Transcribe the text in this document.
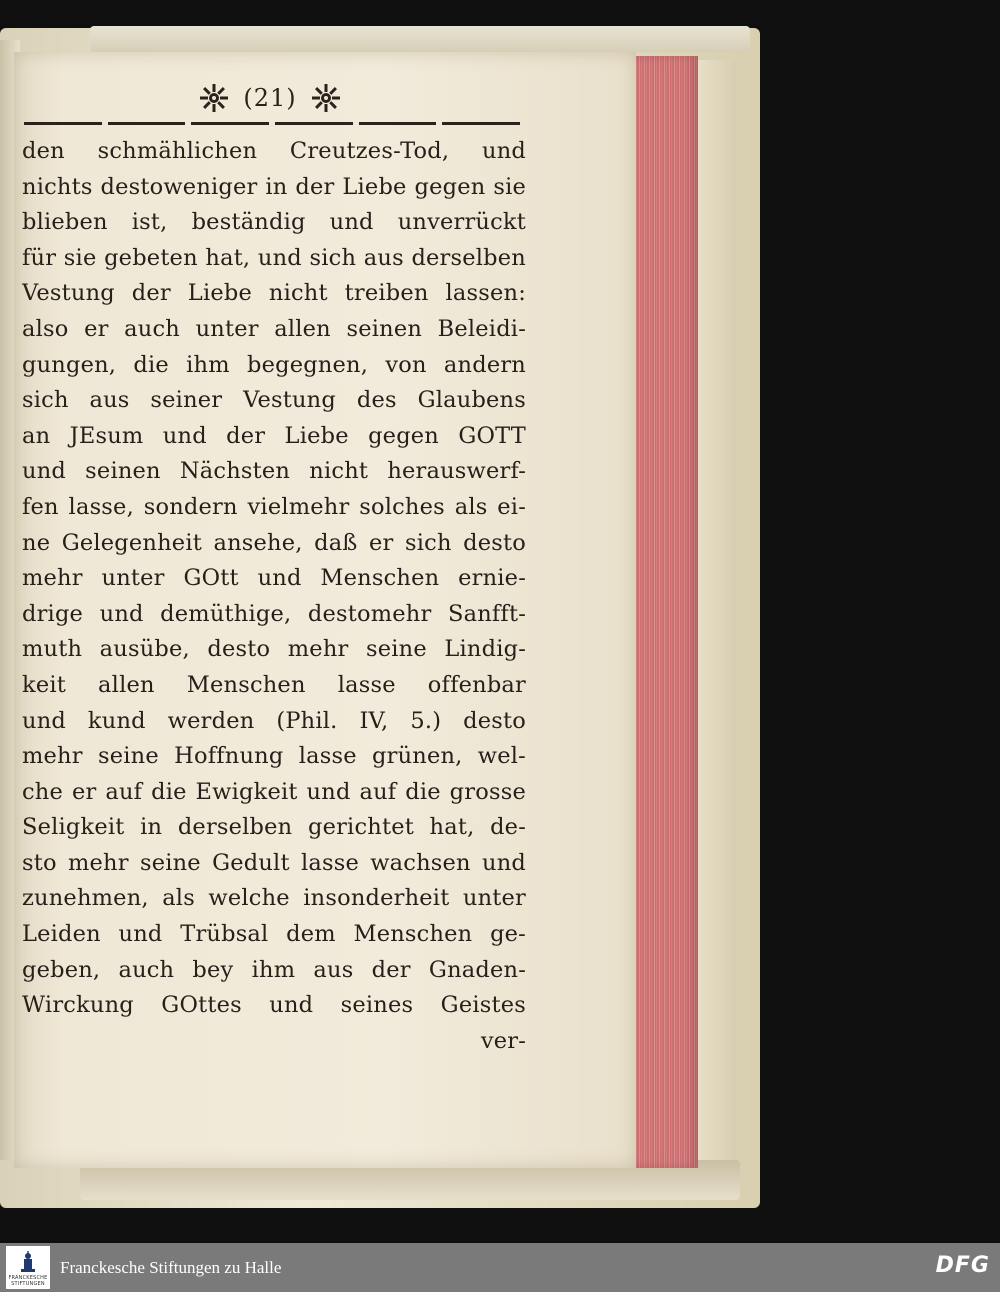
(21)
den schmählichen Creutzes-Tod, und
nichts destoweniger in der Liebe gegen sie
blieben ist, beständig und unverrückt
für sie gebeten hat, und sich aus derselben
Vestung der Liebe nicht treiben lassen:
also er auch unter allen seinen Beleidi-
gungen, die ihm begegnen, von andern
sich aus seiner Vestung des Glaubens
an JEsum und der Liebe gegen GOTT
und seinen Nächsten nicht herauswerf-
fen lasse, sondern vielmehr solches als ei-
ne Gelegenheit ansehe, daß er sich desto
mehr unter GOtt und Menschen ernie-
drige und demüthige, destomehr Sanfft-
muth ausübe, desto mehr seine Lindig-
keit allen Menschen lasse offenbar
und kund werden (Phil. IV, 5.) desto
mehr seine Hoffnung lasse grünen, wel-
che er auf die Ewigkeit und auf die grosse
Seligkeit in derselben gerichtet hat, de-
sto mehr seine Gedult lasse wachsen und
zunehmen, als welche insonderheit unter
Leiden und Trübsal dem Menschen ge-
geben, auch bey ihm aus der Gnaden-
Wirckung GOttes und seines Geistes
ver-
FRANCKESCHE
STIFTUNGEN
Franckesche Stiftungen zu Halle	DFG
